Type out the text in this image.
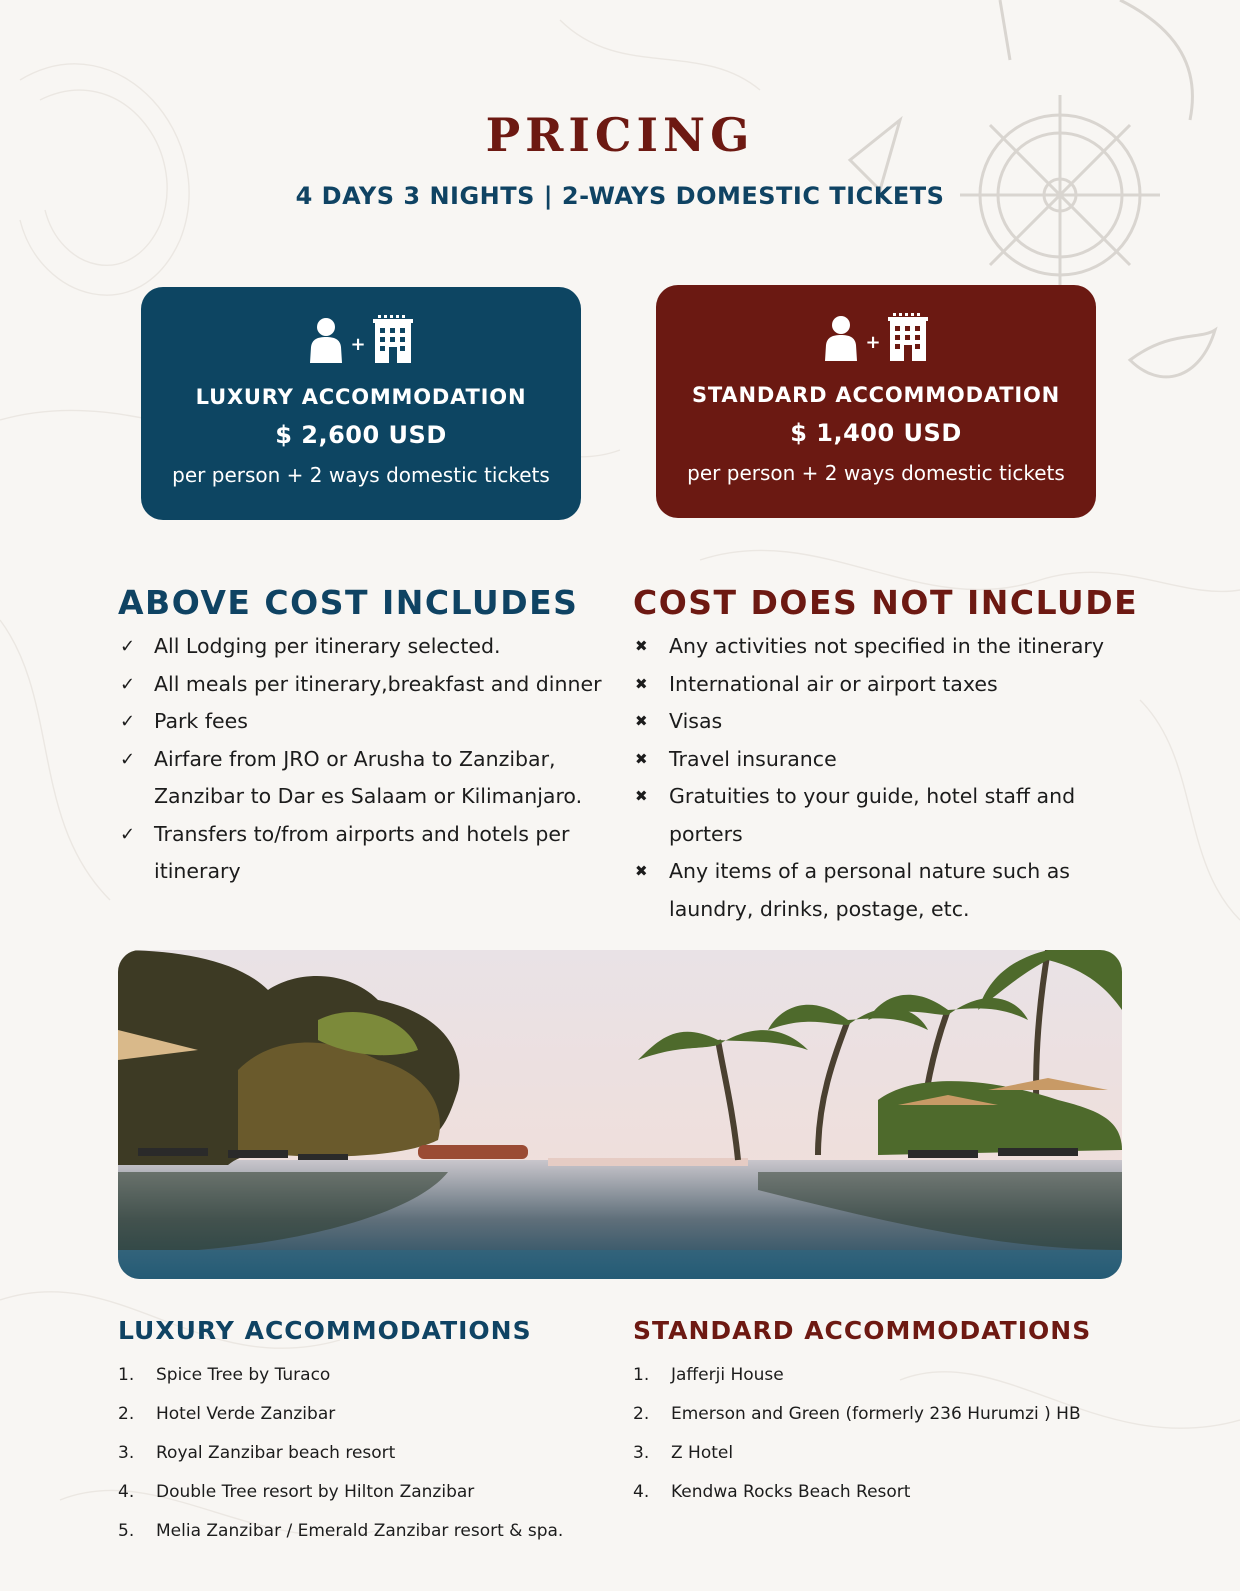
PRICING
4 DAYS 3 NIGHTS | 2-WAYS DOMESTIC TICKETS
+
LUXURY ACCOMMODATION
$ 2,600 USD
per person + 2 ways domestic tickets
+
STANDARD ACCOMMODATION
$ 1,400 USD
per person + 2 ways domestic tickets
ABOVE COST INCLUDES COST DOES NOT INCLUDE
✓ All Lodging per itinerary selected.
✓ All meals per itinerary,breakfast and dinner
✓ Park fees
✓ Airfare from JRO or Arusha to Zanzibar, Zanzibar to Dar es Salaam or Kilimanjaro.
✓ Transfers to/from airports and hotels per itinerary
✖ Any activities not specified in the itinerary
✖ International air or airport taxes
✖ Visas
✖ Travel insurance
✖ Gratuities to your guide, hotel staff and porters
✖ Any items of a personal nature such as laundry, drinks, postage, etc.
LUXURY ACCOMMODATIONS	STANDARD ACCOMMODATIONS
1. Spice Tree by Turaco
2. Hotel Verde Zanzibar
3. Royal Zanzibar beach resort
4. Double Tree resort by Hilton Zanzibar
5. Melia Zanzibar / Emerald Zanzibar resort & spa.
1. Jafferji House
2. Emerson and Green (formerly 236 Hurumzi ) HB
3. Z Hotel
4. Kendwa Rocks Beach Resort
